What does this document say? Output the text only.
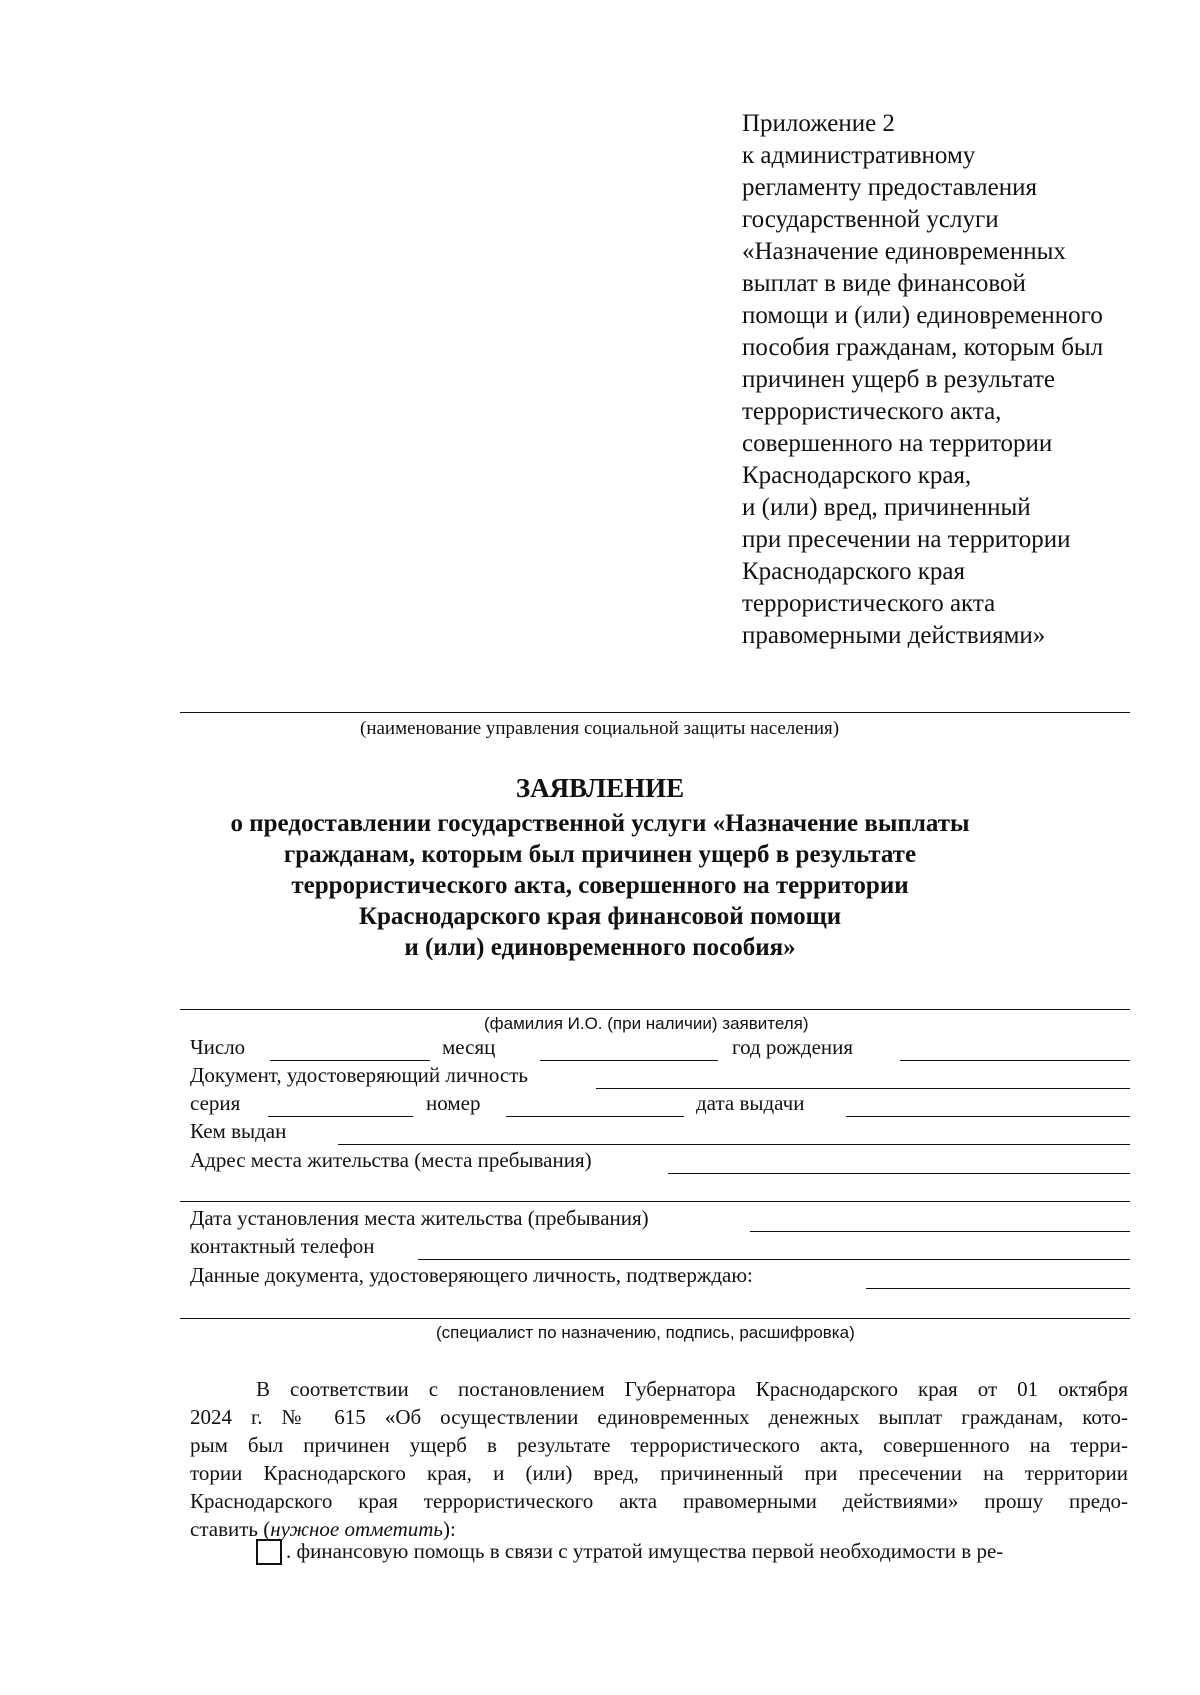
Приложение 2
к административному
регламенту предоставления
государственной услуги
«Назначение единовременных
выплат в виде финансовой
помощи и (или) единовременного
пособия гражданам, которым был
причинен ущерб в результате
террористического акта,
совершенного на территории
Краснодарского края,
и (или) вред, причиненный
при пресечении на территории
Краснодарского края
террористического акта
правомерными действиями»
(наименование управления социальной защиты населения)
ЗАЯВЛЕНИЕ
о предоставлении государственной услуги «Назначение выплаты
гражданам, которым был причинен ущерб в результате
террористического акта, совершенного на территории
Краснодарского края финансовой помощи
и (или) единовременного пособия»
(фамилия И.О. (при наличии) заявителя)
Число	месяц	год рождения
Документ, удостоверяющий личность
серия	номер	дата выдачи
Кем выдан
Адрес места жительства (места пребывания)
Дата установления места жительства (пребывания)
контактный телефон
Данные документа, удостоверяющего личность, подтверждаю:
(специалист по назначению, подпись, расшифровка)
В соответствии с постановлением Губернатора Краснодарского края от 01 октября
2024 г. № 615 «Об осуществлении единовременных денежных выплат гражданам, кото-
рым был причинен ущерб в результате террористического акта, совершенного на терри-
тории Краснодарского края, и (или) вред, причиненный при пресечении на территории
Краснодарского края террористического акта правомерными действиями» прошу предо-
ставить (нужное отметить):
. финансовую помощь в связи с утратой имущества первой необходимости в ре-
